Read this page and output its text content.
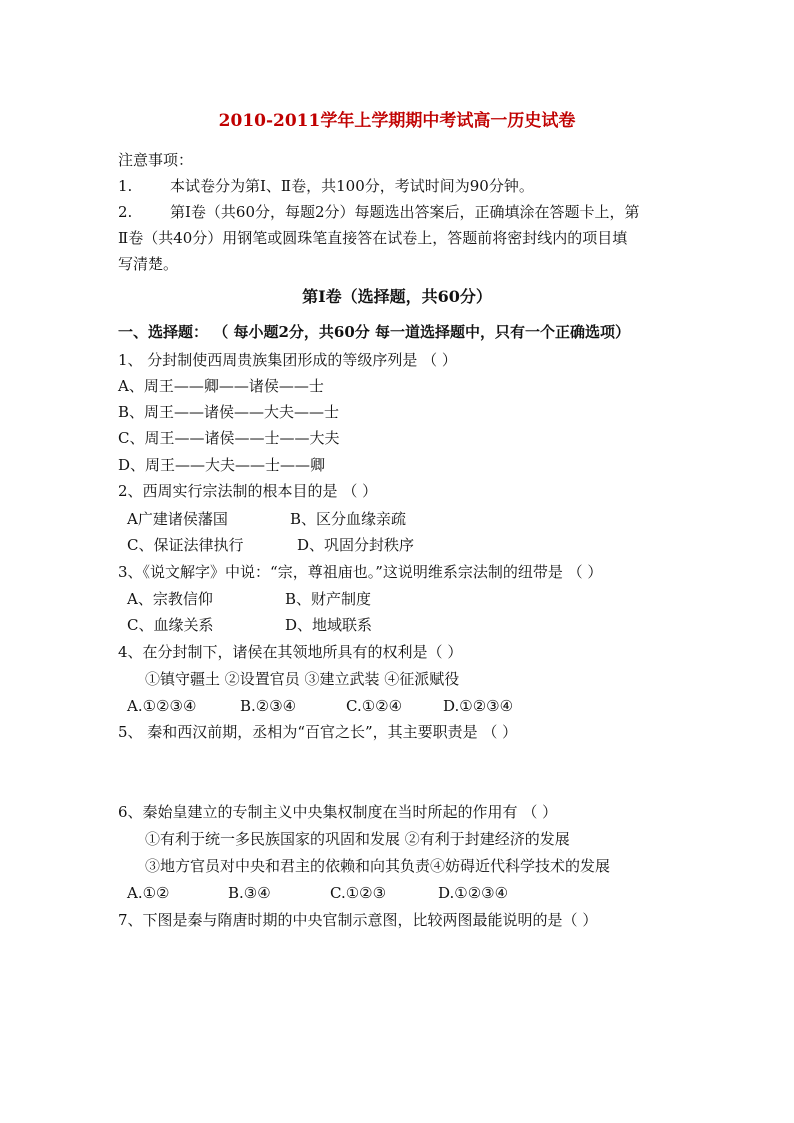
2010-2011学年上学期期中考试高一历史试卷
注意事项：
1.	本试卷分为第Ⅰ、Ⅱ卷，共100分，考试时间为90分钟。
2.	第Ⅰ卷（共60分，每题2分）每题选出答案后，正确填涂在答题卡上，第
Ⅱ卷（共40分）用钢笔或圆珠笔直接答在试卷上，答题前将密封线内的项目填
写清楚。
第Ⅰ卷（选择题，共60分）
一、选择题： （ 每小题2分，共60分 每一道选择题中，只有一个正确选项）
1、 分封制使西周贵族集团形成的等级序列是 （ ）
A、周王——卿——诸侯——士
B、周王——诸侯——大夫——士
C、周王——诸侯——士——大夫
D、周王——大夫——士——卿
2、西周实行宗法制的根本目的是 （ ）
A广建诸侯藩国	B、区分血缘亲疏
C、保证法律执行	D、巩固分封秩序
3、《说文解字》中说：“宗，尊祖庙也。”这说明维系宗法制的纽带是 （ ）
A、宗教信仰	B、财产制度
C、血缘关系	D、地域联系
4、在分封制下，诸侯在其领地所具有的权利是（ ）
①镇守疆土 ②设置官员 ③建立武装 ④征派赋役
A.①②③④	B.②③④	C.①②④	D.①②③④
5、 秦和西汉前期，丞相为“百官之长”，其主要职责是 （ ）
6、秦始皇建立的专制主义中央集权制度在当时所起的作用有 （ ）
①有利于统一多民族国家的巩固和发展 ②有利于封建经济的发展
③地方官员对中央和君主的依赖和向其负责④妨碍近代科学技术的发展
A.①②	B.③④	C.①②③	D.①②③④
7、下图是秦与隋唐时期的中央官制示意图，比较两图最能说明的是（ ）
